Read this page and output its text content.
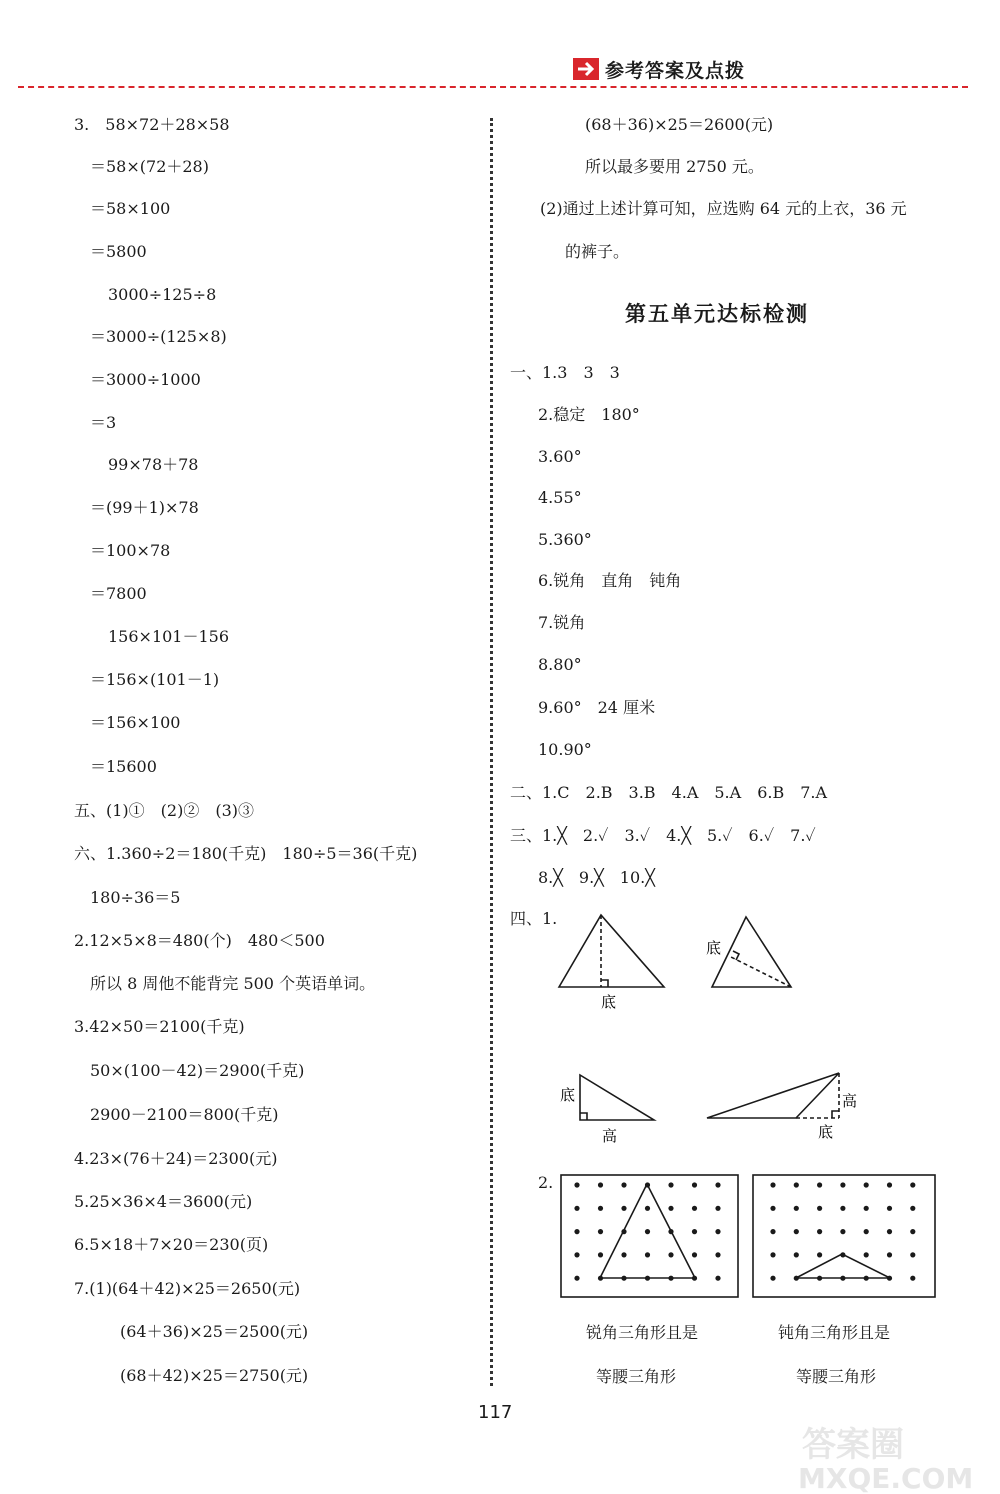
参考答案及点拨
3.　58×72＋28×58
＝58×(72＋28)
＝58×100
＝5800
3000÷125÷8
＝3000÷(125×8)
＝3000÷1000
＝3
99×78＋78
＝(99＋1)×78
＝100×78
＝7800
156×101－156
＝156×(101－1)
＝156×100
＝15600
五、(1)①　(2)②　(3)③
六、1.360÷2＝180(千克)　180÷5＝36(千克)
180÷36＝5
2.12×5×8＝480(个)　480＜500
所以 8 周他不能背完 500 个英语单词。
3.42×50＝2100(千克)
50×(100－42)＝2900(千克)
2900－2100＝800(千克)
4.23×(76＋24)＝2300(元)
5.25×36×4＝3600(元)
6.5×18＋7×20＝230(页)
7.(1)(64＋42)×25＝2650(元)
(64＋36)×25＝2500(元)
(68＋42)×25＝2750(元)
(68＋36)×25＝2600(元)
所以最多要用 2750 元。
(2)通过上述计算可知，应选购 64 元的上衣，36 元
的裤子。
第五单元达标检测
一、1.3　3　3
2.稳定　180°
3.60°
4.55°
5.360°
6.锐角　直角　钝角
7.锐角
8.80°
9.60°　24 厘米
10.90°
二、1.C　2.B　3.B　4.A　5.A　6.B　7.A
三、1.╳　2.✓　3.✓　4.╳　5.✓　6.✓　7.✓
8.╳　9.╳　10.╳
四、1.
底
底
底
高
高
底
2.
锐角三角形且是
等腰三角形
钝角三角形且是
等腰三角形
117
答案圈
MXQE.COM
